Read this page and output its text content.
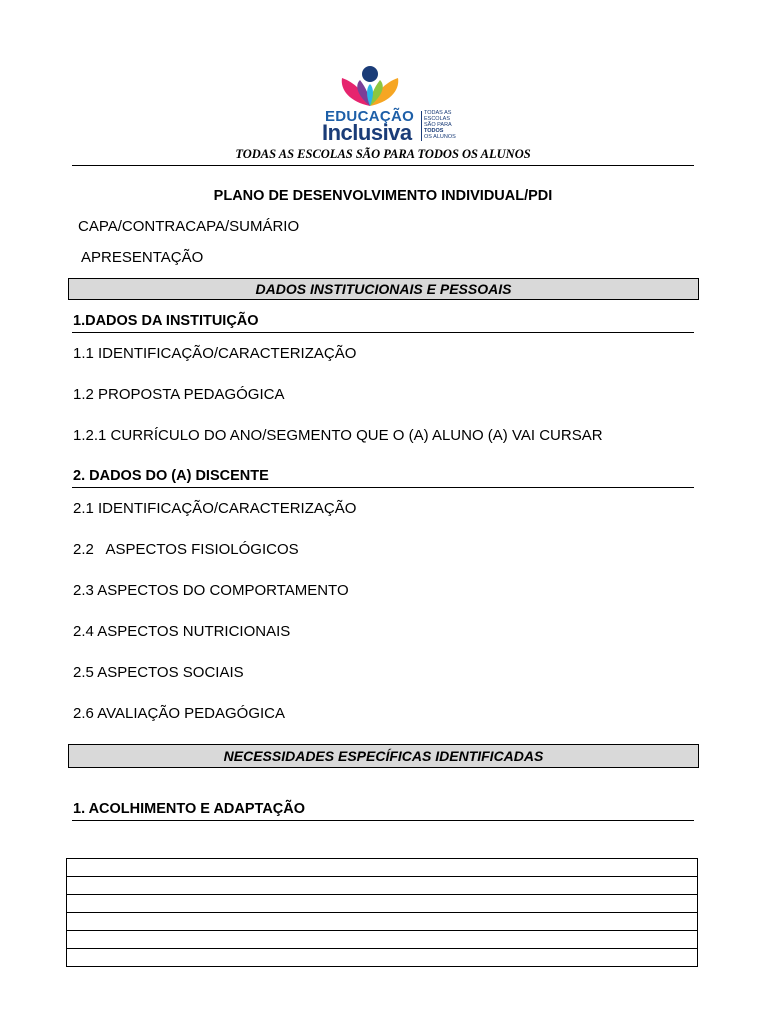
EDUCAÇÃO
Inclusiva
TODAS AS
ESCOLAS
SÃO PARA
TODOS
OS ALUNOS
TODAS AS ESCOLAS SÃO PARA TODOS OS ALUNOS
PLANO DE DESENVOLVIMENTO INDIVIDUAL/PDI
CAPA/CONTRACAPA/SUMÁRIO
APRESENTAÇÃO
DADOS INSTITUCIONAIS E PESSOAIS
1.DADOS DA INSTITUIÇÃO
1.1 IDENTIFICAÇÃO/CARACTERIZAÇÃO
1.2 PROPOSTA PEDAGÓGICA
1.2.1 CURRÍCULO DO ANO/SEGMENTO QUE O (A) ALUNO (A) VAI CURSAR
2. DADOS DO (A) DISCENTE
2.1 IDENTIFICAÇÃO/CARACTERIZAÇÃO
2.2   ASPECTOS FISIOLÓGICOS
2.3 ASPECTOS DO COMPORTAMENTO
2.4 ASPECTOS NUTRICIONAIS
2.5 ASPECTOS SOCIAIS
2.6 AVALIAÇÃO PEDAGÓGICA
NECESSIDADES ESPECÍFICAS IDENTIFICADAS
1. ACOLHIMENTO E ADAPTAÇÃO
